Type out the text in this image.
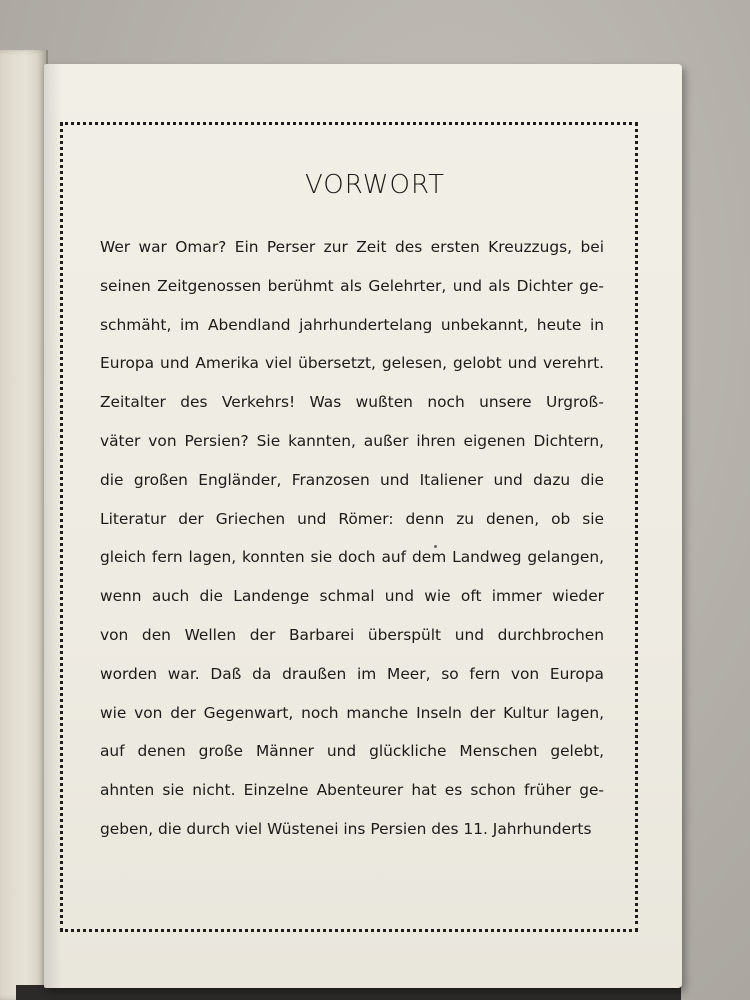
VORWORT
Wer war Omar? Ein Perser zur Zeit des ersten Kreuzzugs, bei
seinen Zeitgenossen berühmt als Gelehrter, und als Dichter ge-
schmäht, im Abendland jahrhundertelang unbekannt, heute in
Europa und Amerika viel übersetzt, gelesen, gelobt und verehrt.
Zeitalter des Verkehrs! Was wußten noch unsere Urgroß-
väter von Persien? Sie kannten, außer ihren eigenen Dichtern,
die großen Engländer, Franzosen und Italiener und dazu die
Literatur der Griechen und Römer: denn zu denen, ob sie
gleich fern lagen, konnten sie doch auf dem Landweg gelangen,
wenn auch die Landenge schmal und wie oft immer wieder
von den Wellen der Barbarei überspült und durchbrochen
worden war. Daß da draußen im Meer, so fern von Europa
wie von der Gegenwart, noch manche Inseln der Kultur lagen,
auf denen große Männer und glückliche Menschen gelebt,
ahnten sie nicht. Einzelne Abenteurer hat es schon früher ge-
geben, die durch viel Wüstenei ins Persien des 11. Jahrhunderts
